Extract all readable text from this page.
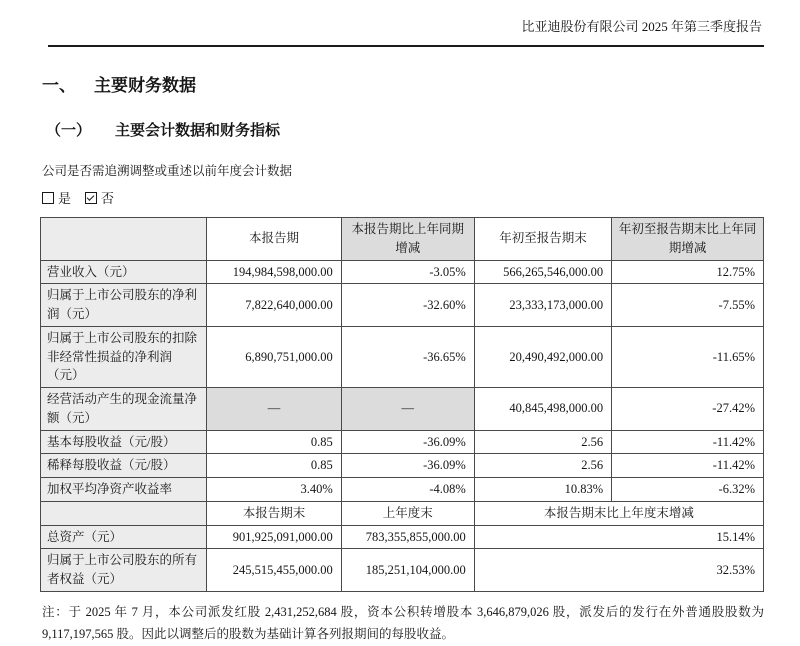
比亚迪股份有限公司 2025 年第三季度报告
一、 主要财务数据
（一） 主要会计数据和财务指标
公司是否需追溯调整或重述以前年度会计数据
是 否
	本报告期	本报告期比上年同期增减	年初至报告期末	年初至报告期末比上年同期增减
营业收入（元）	194,984,598,000.00	-3.05%	566,265,546,000.00	12.75%
归属于上市公司股东的净利润（元）	7,822,640,000.00	-32.60%	23,333,173,000.00	-7.55%
归属于上市公司股东的扣除非经常性损益的净利润（元）	6,890,751,000.00	-36.65%	20,490,492,000.00	-11.65%
经营活动产生的现金流量净额（元）	—	—	40,845,498,000.00	-27.42%
基本每股收益（元/股）	0.85	-36.09%	2.56	-11.42%
稀释每股收益（元/股）	0.85	-36.09%	2.56	-11.42%
加权平均净资产收益率	3.40%	-4.08%	10.83%	-6.32%
	本报告期末	上年度末	本报告期末比上年度末增减	
总资产（元）	901,925,091,000.00	783,355,855,000.00	15.14%	
归属于上市公司股东的所有者权益（元）	245,515,455,000.00	185,251,104,000.00	32.53%	
注：于 2025 年 7 月，本公司派发红股 2,431,252,684 股，资本公积转增股本 3,646,879,026 股，派发后的发行在外普通股股数为 9,117,197,565 股。因此以调整后的股数为基础计算各列报期间的每股收益。
